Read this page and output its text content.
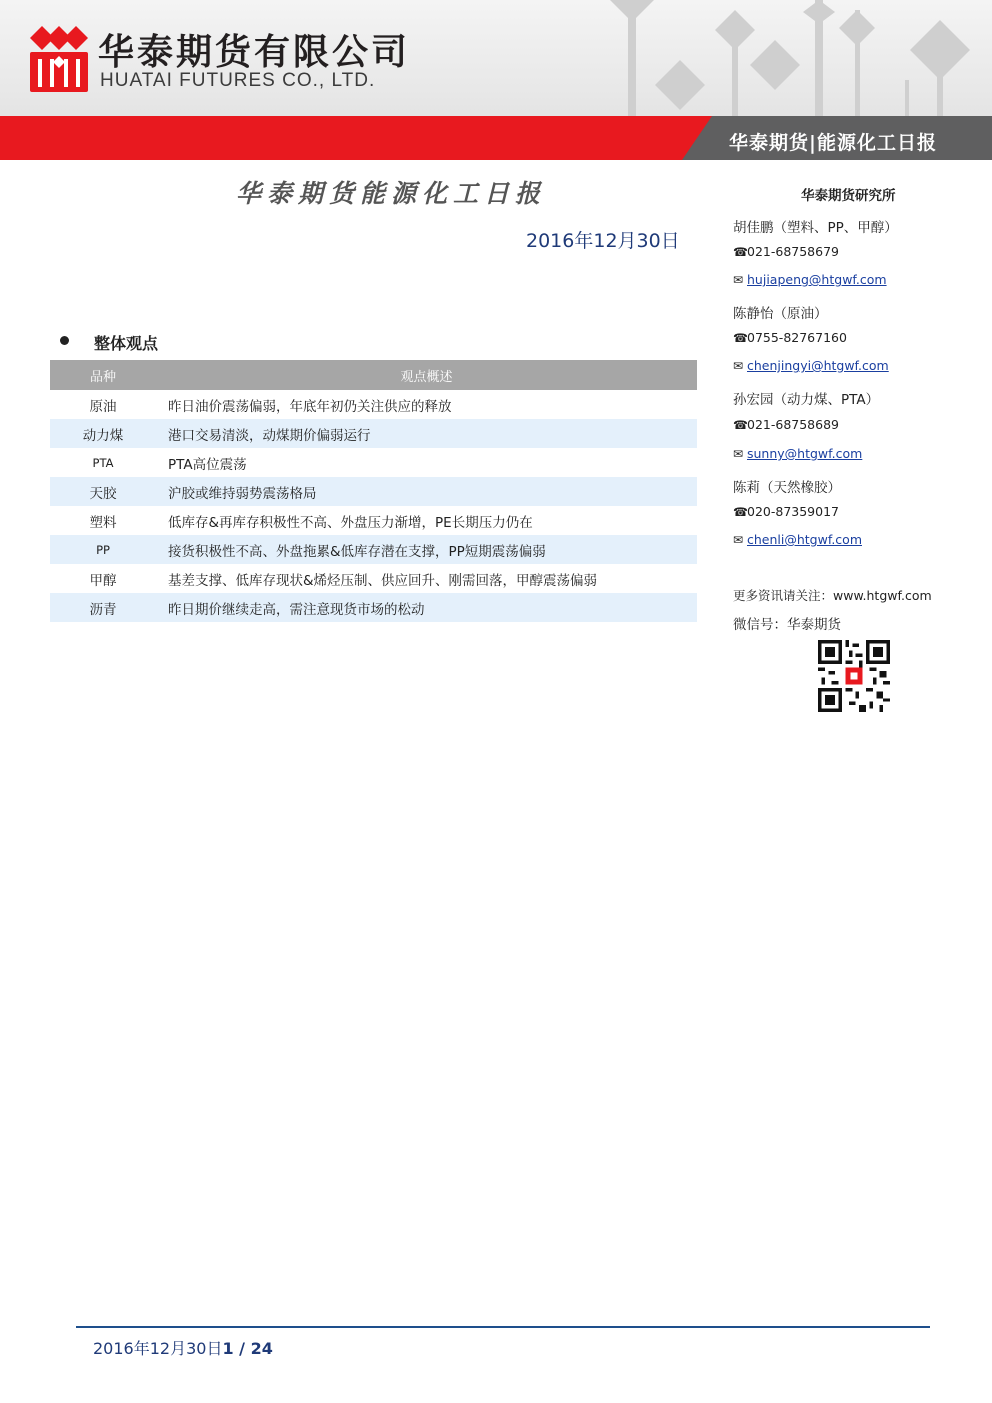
华泰期货有限公司
HUATAI FUTURES CO., LTD.
华泰期货|能源化工日报
华泰期货能源化工日报
2016年12月30日
整体观点
品种	观点概述
原油	昨日油价震荡偏弱，年底年初仍关注供应的释放
动力煤	港口交易清淡，动煤期价偏弱运行
PTA	PTA高位震荡
天胶	沪胶或维持弱势震荡格局
塑料	低库存&再库存积极性不高、外盘压力渐增，PE长期压力仍在
PP	接货积极性不高、外盘拖累&低库存潜在支撑，PP短期震荡偏弱
甲醇	基差支撑、低库存现状&烯烃压制、供应回升、刚需回落，甲醇震荡偏弱
沥青	昨日期价继续走高，需注意现货市场的松动
华泰期货研究所
胡佳鹏（塑料、PP、甲醇）
☎021-68758679
✉ hujiapeng@htgwf.com
陈静怡（原油）
☎0755-82767160
✉ chenjingyi@htgwf.com
孙宏园（动力煤、PTA）
☎021-68758689
✉ sunny@htgwf.com
陈莉（天然橡胶）
☎020-87359017
✉ chenli@htgwf.com
更多资讯请关注：www.htgwf.com
微信号：华泰期货
2016年12月30日1 / 24
